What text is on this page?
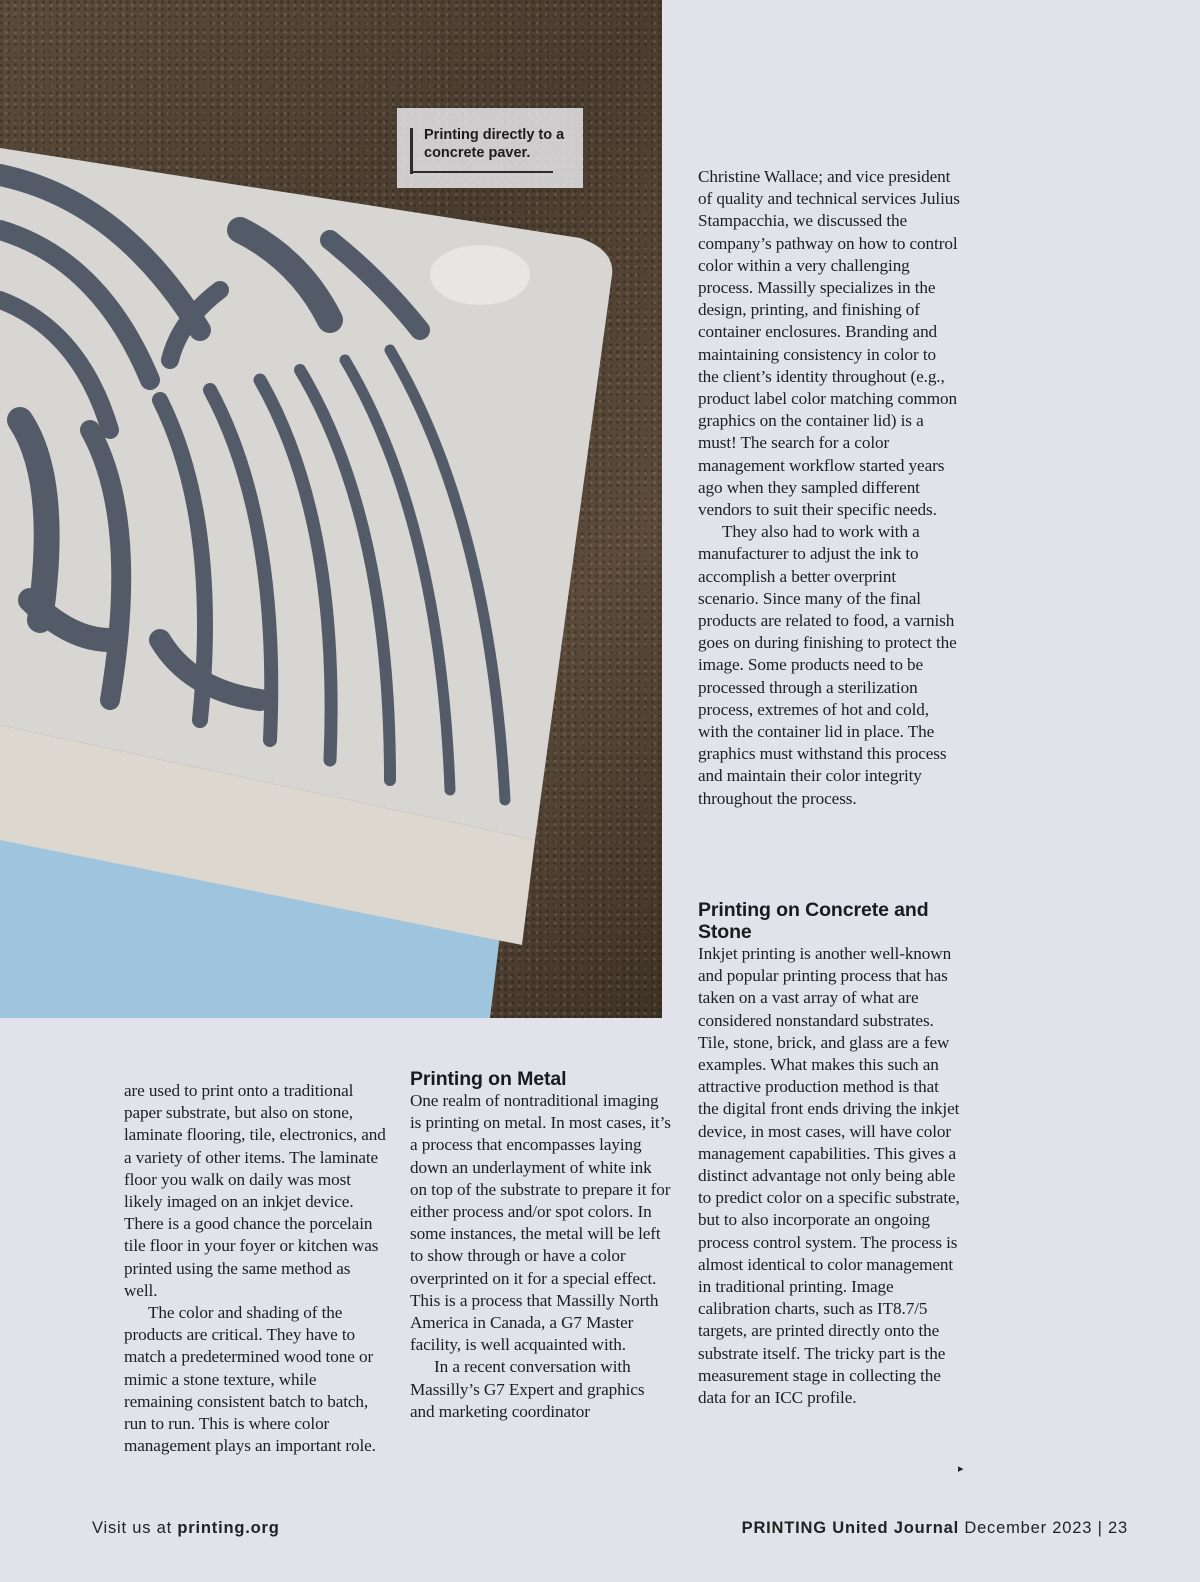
Printing directly to a concrete paver.

are used to print onto a traditional paper substrate, but also on stone, laminate flooring, tile, electronics, and a variety of other items. The laminate floor you walk on daily was most likely imaged on an inkjet device. There is a good chance the porcelain tile floor in your foyer or kitchen was printed using the same method as well.

The color and shading of the products are critical. They have to match a predetermined wood tone or mimic a stone texture, while remaining consistent batch to batch, run to run. This is where color management plays an important role.

Printing on Metal

One realm of nontraditional imaging is printing on metal. In most cases, it’s a process that encompasses laying down an underlayment of white ink on top of the substrate to prepare it for either process and/or spot colors. In some instances, the metal will be left to show through or have a color overprinted on it for a special effect. This is a process that Massilly North America in Canada, a G7 Master facility, is well acquainted with.

In a recent conversation with Massilly’s G7 Expert and graphics and marketing coordinator

Christine Wallace; and vice president of quality and technical services Julius Stampacchia, we discussed the company’s pathway on how to control color within a very challenging process. Massilly specializes in the design, printing, and finishing of container enclosures. Branding and maintaining consistency in color to the client’s identity throughout (e.g., product label color matching common graphics on the container lid) is a must! The search for a color management workflow started years ago when they sampled different vendors to suit their specific needs.

They also had to work with a manufacturer to adjust the ink to accomplish a better overprint scenario. Since many of the final products are related to food, a varnish goes on during finishing to protect the image. Some products need to be processed through a sterilization process, extremes of hot and cold, with the container lid in place. The graphics must withstand this process and maintain their color integrity throughout the process.

Printing on Concrete and Stone

Inkjet printing is another well-known and popular printing process that has taken on a vast array of what are considered nonstandard substrates. Tile, stone, brick, and glass are a few examples. What makes this such an attractive production method is that the digital front ends driving the inkjet device, in most cases, will have color management capabilities. This gives a distinct advantage not only being able to predict color on a specific substrate, but to also incorporate an ongoing process control system. The process is almost identical to color management in traditional printing. Image calibration charts, such as IT8.7/5 targets, are printed directly onto the substrate itself. The tricky part is the measurement stage in collecting the data for an ICC profile.

▸
Visit us at printing.org	PRINTING United Journal December 2023 | 23
